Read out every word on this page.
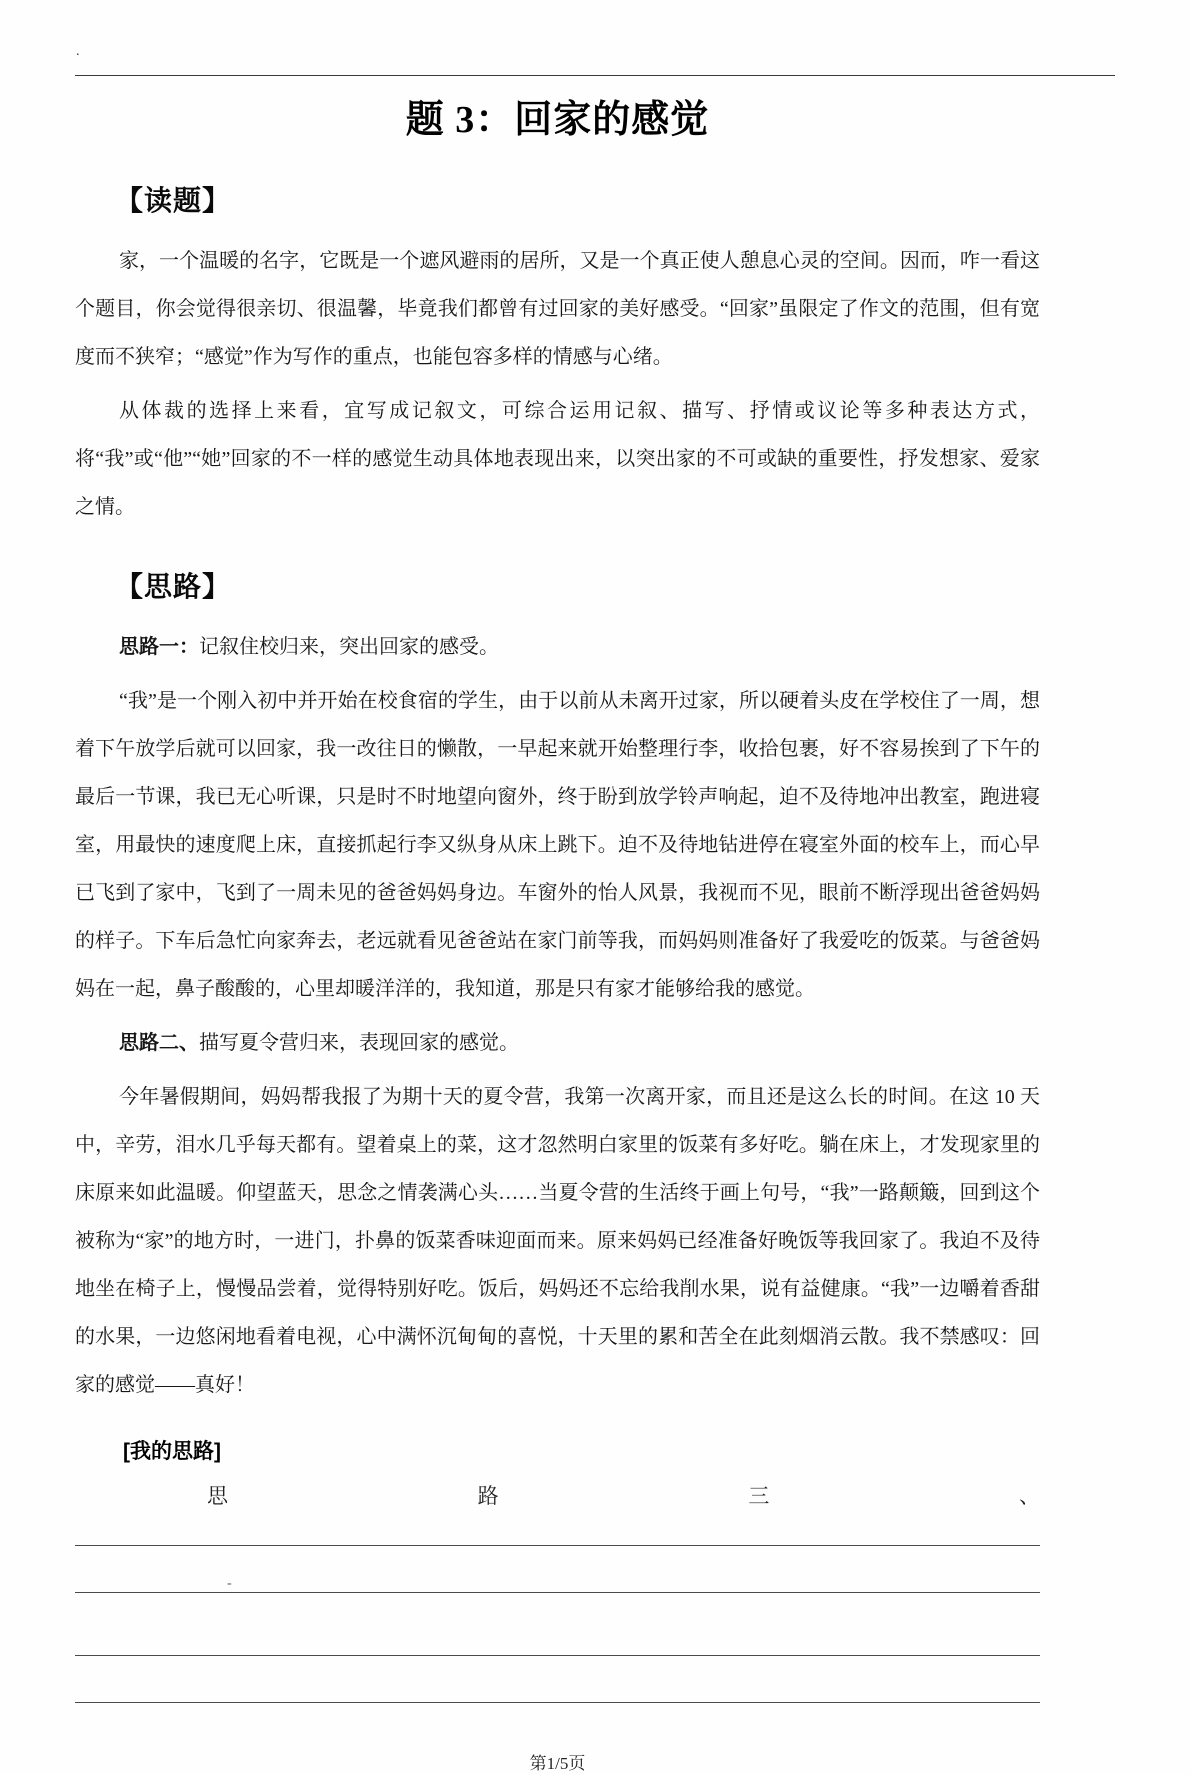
.
题 3：回家的感觉
【读题】

家，一个温暖的名字，它既是一个遮风避雨的居所，又是一个真正使人憩息心灵的空间。因而，咋一看这个题目，你会觉得很亲切、很温馨，毕竟我们都曾有过回家的美好感受。“回家”虽限定了作文的范围，但有宽度而不狭窄；“感觉”作为写作的重点，也能包容多样的情感与心绪。

从体裁的选择上来看，宜写成记叙文，可综合运用记叙、描写、抒情或议论等多种表达方式，将“我”或“他”“她”回家的不一样的感觉生动具体地表现出来，以突出家的不可或缺的重要性，抒发想家、爱家之情。

【思路】

思路一：记叙住校归来，突出回家的感受。

“我”是一个刚入初中并开始在校食宿的学生，由于以前从未离开过家，所以硬着头皮在学校住了一周，想着下午放学后就可以回家，我一改往日的懒散，一早起来就开始整理行李，收拾包裹，好不容易挨到了下午的最后一节课，我已无心听课，只是时不时地望向窗外，终于盼到放学铃声响起，迫不及待地冲出教室，跑进寝室，用最快的速度爬上床，直接抓起行李又纵身从床上跳下。迫不及待地钻进停在寝室外面的校车上，而心早已飞到了家中，飞到了一周未见的爸爸妈妈身边。车窗外的怡人风景，我视而不见，眼前不断浮现出爸爸妈妈的样子。下车后急忙向家奔去，老远就看见爸爸站在家门前等我，而妈妈则准备好了我爱吃的饭菜。与爸爸妈妈在一起，鼻子酸酸的，心里却暖洋洋的，我知道，那是只有家才能够给我的感觉。

思路二、描写夏令营归来，表现回家的感觉。

今年暑假期间，妈妈帮我报了为期十天的夏令营，我第一次离开家，而且还是这么长的时间。在这 10 天中，辛劳，泪水几乎每天都有。望着桌上的菜，这才忽然明白家里的饭菜有多好吃。躺在床上，才发现家里的床原来如此温暖。仰望蓝天，思念之情袭满心头……当夏令营的生活终于画上句号，“我”一路颠簸，回到这个被称为“家”的地方时，一进门，扑鼻的饭菜香味迎面而来。原来妈妈已经准备好晚饭等我回家了。我迫不及待地坐在椅子上，慢慢品尝着，觉得特别好吃。饭后，妈妈还不忘给我削水果，说有益健康。“我”一边嚼着香甜的水果，一边悠闲地看着电视，心中满怀沉甸甸的喜悦，十天里的累和苦全在此刻烟消云散。我不禁感叹：回家的感觉——真好！

[我的思路]

思	路	三	、
-
第1/5页
